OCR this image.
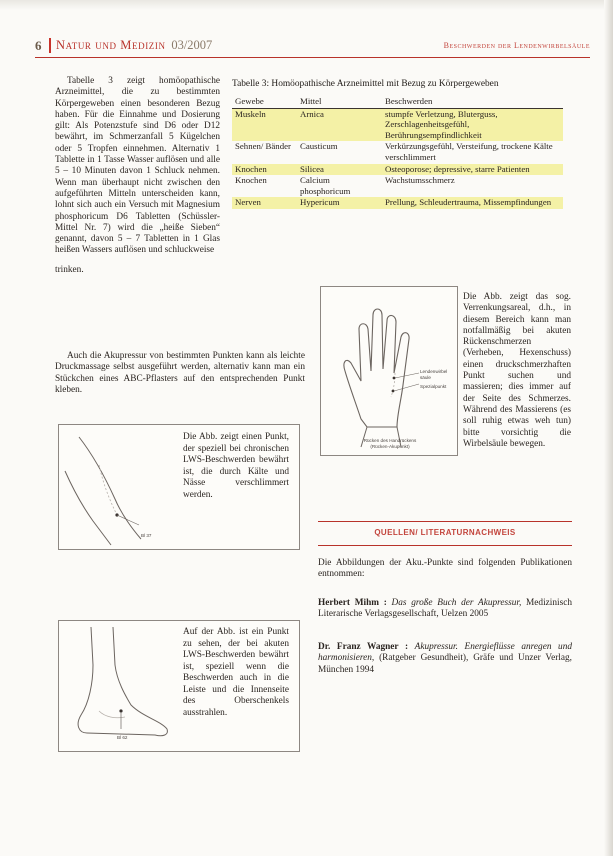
6 Natur und Medizin 03/2007	Beschwerden der Lendenwirbelsäule

Tabelle 3 zeigt homöopathische Arzneimittel, die zu bestimmten Körpergeweben einen besonderen Bezug haben. Für die Einnahme und Dosierung gilt: Als Potenzstufe sind D6 oder D12 bewährt, im Schmerzanfall 5 Kügelchen oder 5 Tropfen einnehmen. Alternativ 1 Tablette in 1 Tasse Wasser auflösen und alle 5 – 10 Minuten davon 1 Schluck nehmen. Wenn man überhaupt nicht zwischen den aufgeführten Mitteln unterscheiden kann, lohnt sich auch ein Versuch mit Magnesium phosphoricum D6 Tabletten (Schüssler-Mittel Nr. 7) wird die „heiße Sieben“ genannt, davon 5 – 7 Tabletten in 1 Glas heißen Wassers auflösen und schluckweise

trinken.

Auch die Akupressur von bestimmten Punkten kann als leichte Druckmassage selbst ausgeführt werden, alternativ kann man ein Stückchen eines ABC-Pflasters auf den entsprechenden Punkt kleben.

Tabelle 3: Homöopathische Arzneimittel mit Bezug zu Körpergeweben
Gewebe	Mittel	Beschwerden
Muskeln	Arnica	stumpfe Verletzung, Bluterguss, Zerschlagenheitsgefühl, Berührungsempfindlichkeit
Sehnen/ Bänder	Causticum	Verkürzungsgefühl, Versteifung, trockene Kälte verschlimmert
Knochen	Silicea	Osteoporose; depressive, starre Patienten
Knochen	Calcium phosphoricum	Wachstumsschmerz
Nerven	Hypericum	Prellung, Schleudertrauma, Missempfindungen
Lendenwirbel
säule
Spezialpunkt
Rücken des Handrückens
(Rücken-Akupunkt)

Die Abb. zeigt das sog. Verrenkungsareal, d.h., in diesem Bereich kann man notfallmäßig bei akuten Rückenschmerzen (Verheben, Hexenschuss) einen druckschmerzhaften Punkt suchen und massieren; dies immer auf der Seite des Schmerzes. Während des Massierens (es soll ruhig etwas weh tun) bitte vorsichtig die Wirbelsäule bewegen.

Bl 37

Die Abb. zeigt einen Punkt, der speziell bei chronischen LWS-Beschwerden bewährt ist, die durch Kälte und Nässe verschlimmert werden.

Bl 62

Auf der Abb. ist ein Punkt zu sehen, der bei akuten LWS-Beschwerden bewährt ist, speziell wenn die Beschwerden auch in die Leiste und die Innenseite des Oberschenkels ausstrahlen.

QUELLEN/ LITERATURNACHWEIS

Die Abbildungen der Aku.-Punkte sind folgenden Publikationen entnommen:

Herbert Mihm : Das große Buch der Akupressur, Medizinisch Literarische Verlagsgesellschaft, Uelzen 2005

Dr. Franz Wagner : Akupressur. Energieflüsse anregen und harmonisieren, (Ratgeber Gesundheit), Gräfe und Unzer Verlag, München 1994
